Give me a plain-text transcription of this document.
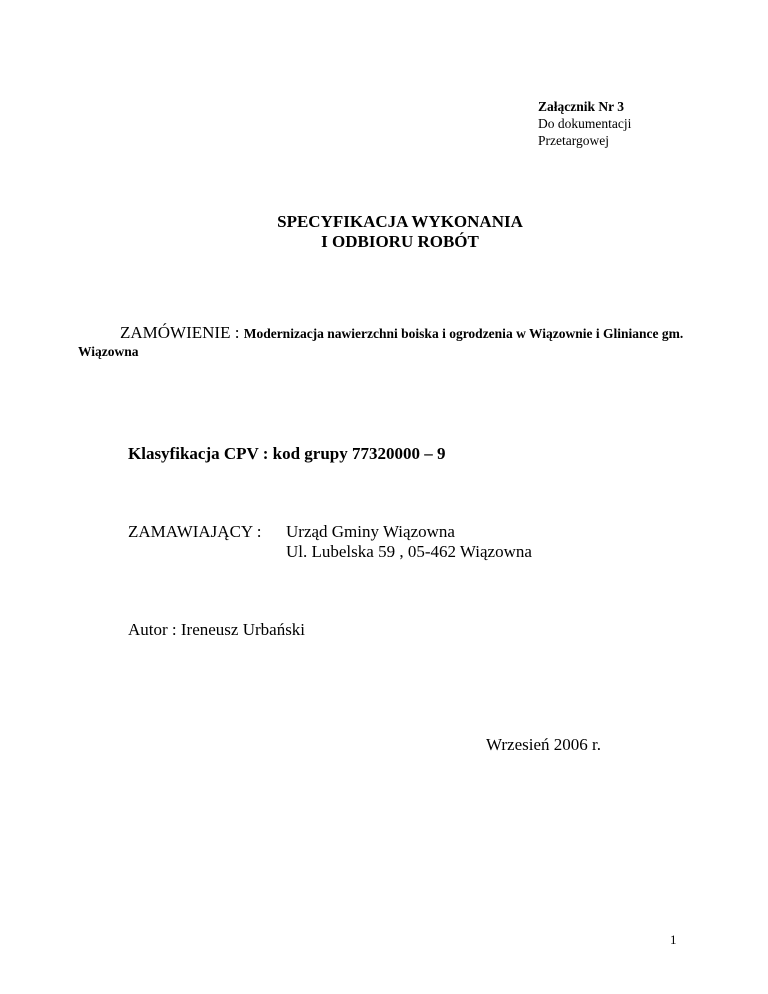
Załącznik Nr 3
Do dokumentacji
Przetargowej
SPECYFIKACJA WYKONANIA
I ODBIORU ROBÓT
ZAMÓWIENIE : Modernizacja nawierzchni boiska i ogrodzenia w Wiązownie i Gliniance gm. Wiązowna
Klasyfikacja CPV : kod grupy 77320000 – 9
ZAMAWIAJĄCY : Urząd Gminy Wiązowna
Ul. Lubelska 59 , 05-462 Wiązowna
Autor : Ireneusz Urbański
Wrzesień 2006 r.
1
